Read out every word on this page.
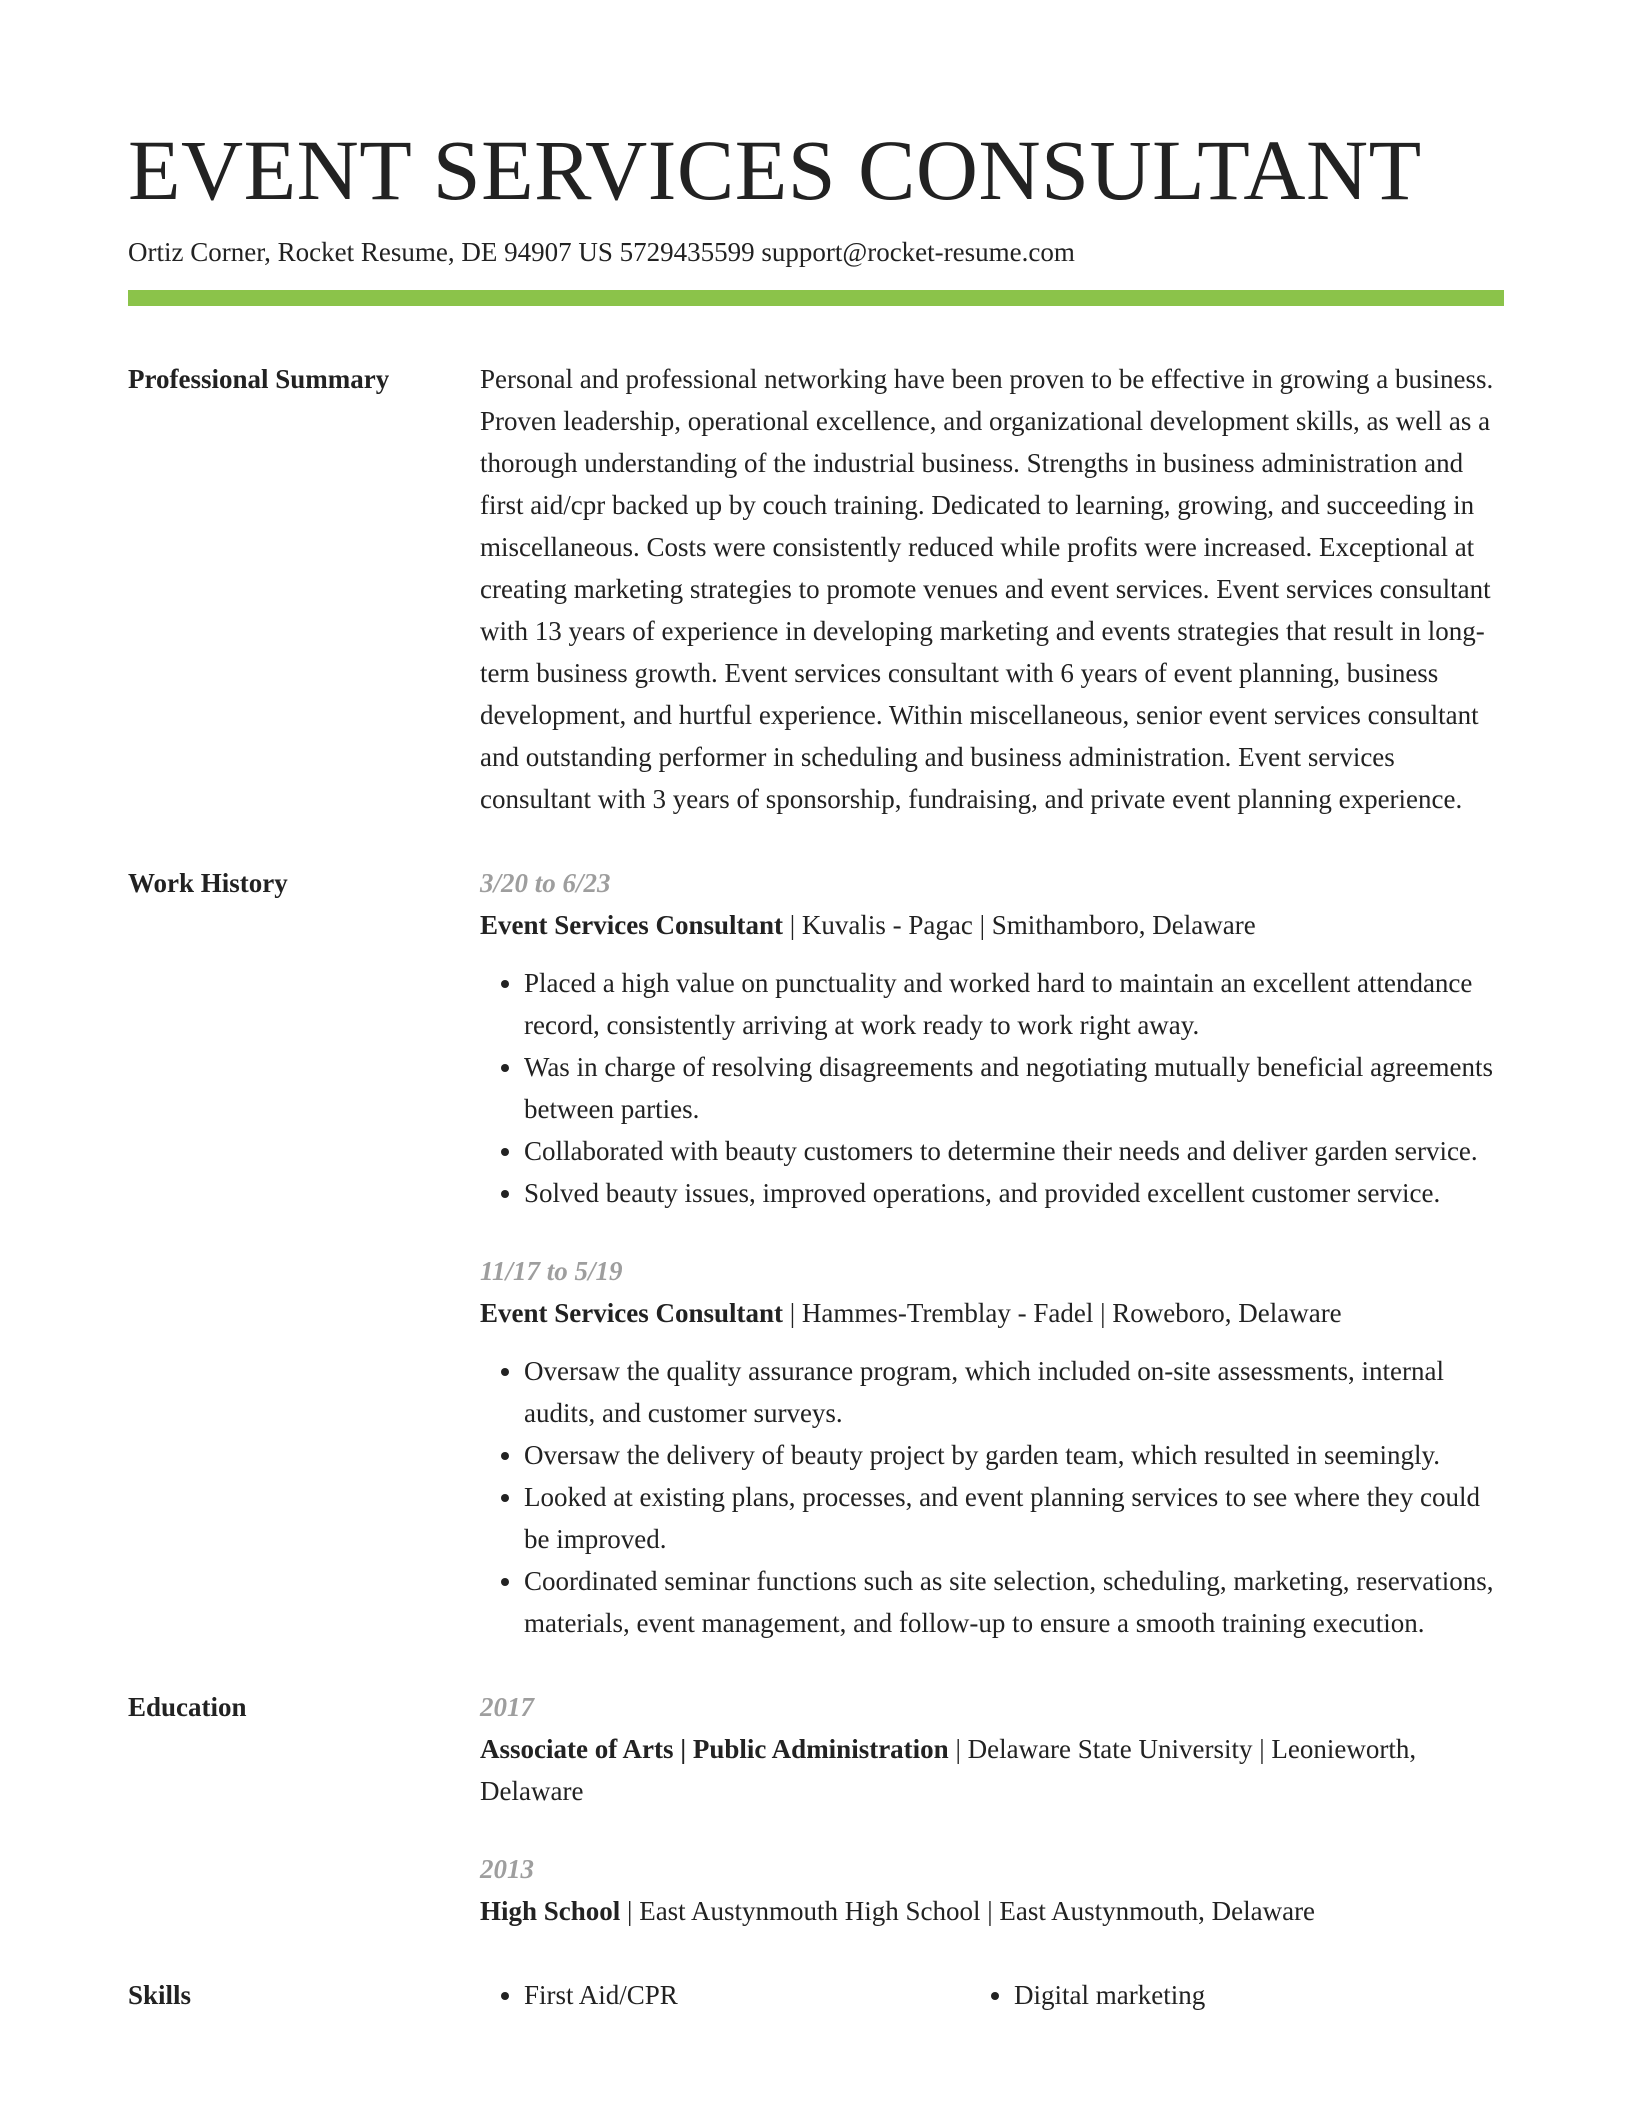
EVENT SERVICES CONSULTANT
Ortiz Corner, Rocket Resume, DE 94907 US 5729435599 support@rocket-resume.com
Professional Summary	Personal and professional networking have been proven to be effective in growing a business. Proven leadership, operational excellence, and organizational development skills, as well as a thorough understanding of the industrial business. Strengths in business administration and first aid/cpr backed up by couch training. Dedicated to learning, growing, and succeeding in miscellaneous. Costs were consistently reduced while profits were increased. Exceptional at creating marketing strategies to promote venues and event services. Event services consultant with 13 years of experience in developing marketing and events strategies that result in long-term business growth. Event services consultant with 6 years of event planning, business development, and hurtful experience. Within miscellaneous, senior event services consultant and outstanding performer in scheduling and business administration. Event services consultant with 3 years of sponsorship, fundraising, and private event planning experience.

Work History	3/20 to 6/23
Event Services Consultant | Kuvalis - Pagac | Smithamboro, Delaware
• Placed a high value on punctuality and worked hard to maintain an excellent attendance record, consistently arriving at work ready to work right away.
• Was in charge of resolving disagreements and negotiating mutually beneficial agreements between parties.
• Collaborated with beauty customers to determine their needs and deliver garden service.
• Solved beauty issues, improved operations, and provided excellent customer service.
11/17 to 5/19
Event Services Consultant | Hammes-Tremblay - Fadel | Roweboro, Delaware
• Oversaw the quality assurance program, which included on-site assessments, internal audits, and customer surveys.
• Oversaw the delivery of beauty project by garden team, which resulted in seemingly.
• Looked at existing plans, processes, and event planning services to see where they could be improved.
• Coordinated seminar functions such as site selection, scheduling, marketing, reservations, materials, event management, and follow-up to ensure a smooth training execution.
Education	2017
Associate of Arts | Public Administration | Delaware State University | Leonieworth, Delaware
2013
High School | East Austynmouth High School | East Austynmouth, Delaware
Skills	• First Aid/CPR	• Digital marketing
